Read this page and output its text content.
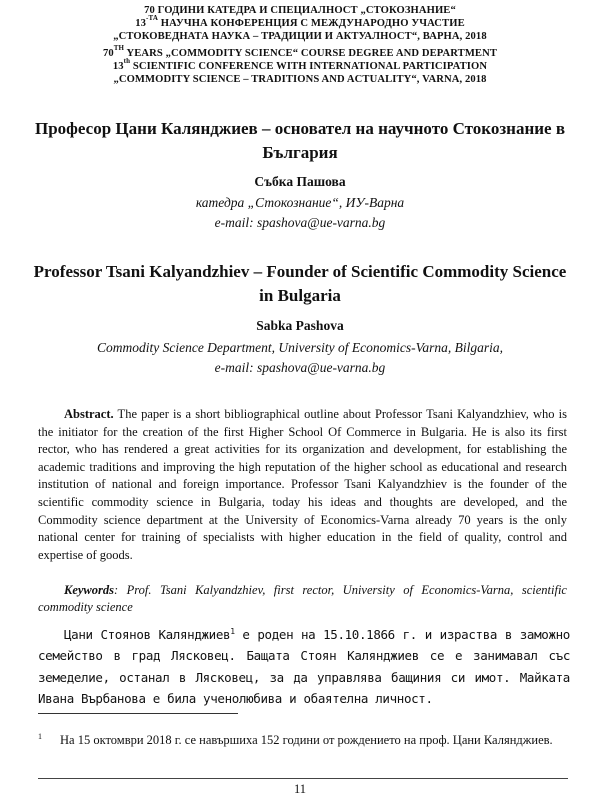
70 ГОДИНИ КАТЕДРА И СПЕЦИАЛНОСТ „СТОКОЗНАНИЕ“
$13^{-ТА}$ НАУЧНА КОНФЕРЕНЦИЯ С МЕЖДУНАРОДНО УЧАСТИЕ
„СТОКОВЕДНАТА НАУКА – ТРАДИЦИИ И АКТУАЛНОСТ“, ВАРНА, 2018
70TH YEARS „COMMODITY SCIENCE“ COURSE DEGREE AND DEPARTMENT
13th SCIENTIFIC CONFERENCE WITH INTERNATIONAL PARTICIPATION
„COMMODITY SCIENCE – TRADITIONS AND ACTUALITY“, VARNA, 2018
Професор Цани Калянджиев – основател на научното Стокознание в България
Събка Пашова
катедра „Стокознание“, ИУ-Варна
e-mail: spashova@ue-varna.bg
Professor Tsani Kalyandzhiev – Founder of Scientific Commodity Science in Bulgaria
Sabka Pashova
Commodity Science Department, University of Economics-Varna, Bilgaria,
e-mail: spashova@ue-varna.bg
Abstract. The paper is a short bibliographical outline about Professor Tsani Kalyandzhiev, who is the initiator for the creation of the first Higher School Of Commerce in Bulgaria. He is also its first rector, who has rendered a great activities for its organization and development, for establishing the academic traditions and improving the high reputation of the higher school as educational and research institution of national and foreign importance. Professor Tsani Kalyandzhiev is the founder of the scientific commodity science in Bulgaria, today his ideas and thoughts are developed, and the Commodity science department at the University of Economics-Varna already 70 years is the only national center for training of specialists with higher education in the field of quality, control and expertise of goods.
Keywords: Prof. Tsani Kalyandzhiev, first rector, University of Economics-Varna, scientific commodity science
Цани Стоянов Калянджиев$^1$ е роден на 15.10.1866 г. и израства в заможно семейство в град Лясковец. Бащата Стоян Калянджиев се е занимавал със земеделие, останал в Лясковец, за да управлява бащиния си имот. Майката Ивана Върбанова е била ученолюбива и обаятелна личност.
1	На 15 октомври 2018 г. се навършиха 152 години от рождението на проф. Цани Калянджиев.
11
